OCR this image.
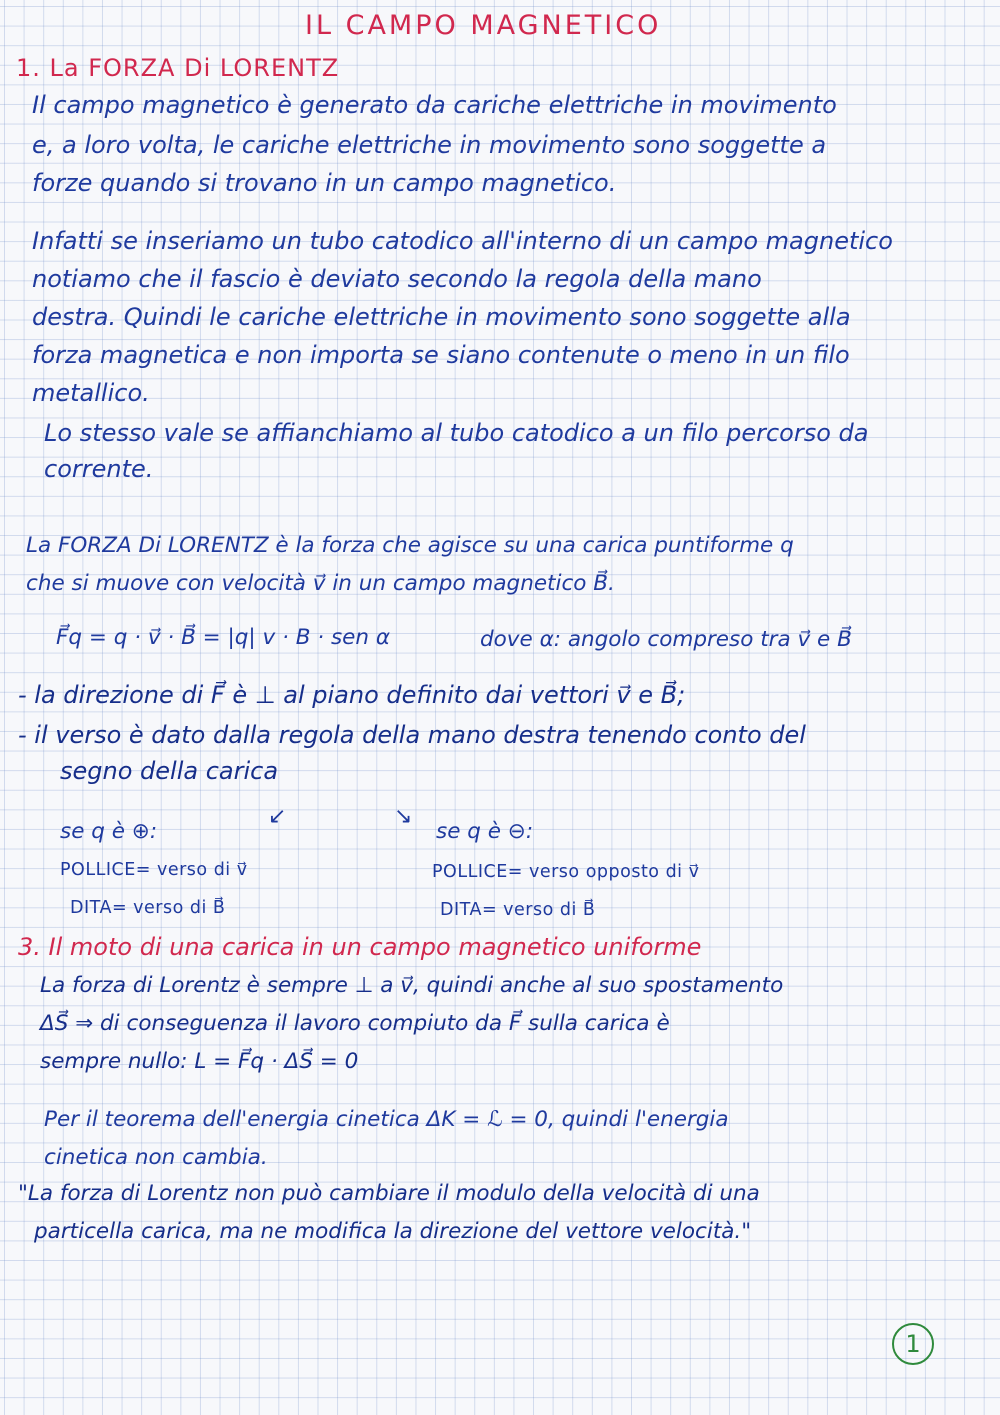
IL CAMPO MAGNETICO
1. La FORZA Di LORENTZ
Il campo magnetico è generato da cariche elettriche in movimento
e, a loro volta, le cariche elettriche in movimento sono soggette a
forze quando si trovano in un campo magnetico.
Infatti se inseriamo un tubo catodico all'interno di un campo magnetico
notiamo che il fascio è deviato secondo la regola della mano
destra. Quindi le cariche elettriche in movimento sono soggette alla
forza magnetica e non importa se siano contenute o meno in un filo
metallico.
Lo stesso vale se affianchiamo al tubo catodico a un filo percorso da
corrente.
La FORZA Di LORENTZ è la forza che agisce su una carica puntiforme q
che si muove con velocità v⃗ in un campo magnetico B⃗.
F⃗q = q · v⃗ · B⃗ = |q| v · B · sen α	dove α: angolo compreso tra v⃗ e B⃗
- la direzione di F⃗ è ⊥ al piano definito dai vettori v⃗ e B⃗;
- il verso è dato dalla regola della mano destra tenendo conto del
segno della carica
↙	↘
se q è ⊕:
POLLICE= verso di v⃗
DITA= verso di B⃗
se q è ⊖:
POLLICE= verso opposto di v⃗
DITA= verso di B⃗
3. Il moto di una carica in un campo magnetico uniforme
La forza di Lorentz è sempre ⊥ a v⃗, quindi anche al suo spostamento
ΔS⃗ ⇒ di conseguenza il lavoro compiuto da F⃗ sulla carica è
sempre nullo: L = F⃗q · ΔS⃗ = 0
Per il teorema dell'energia cinetica ΔK = ℒ = 0, quindi l'energia
cinetica non cambia.
"La forza di Lorentz non può cambiare il modulo della velocità di una
particella carica, ma ne modifica la direzione del vettore velocità."
1
